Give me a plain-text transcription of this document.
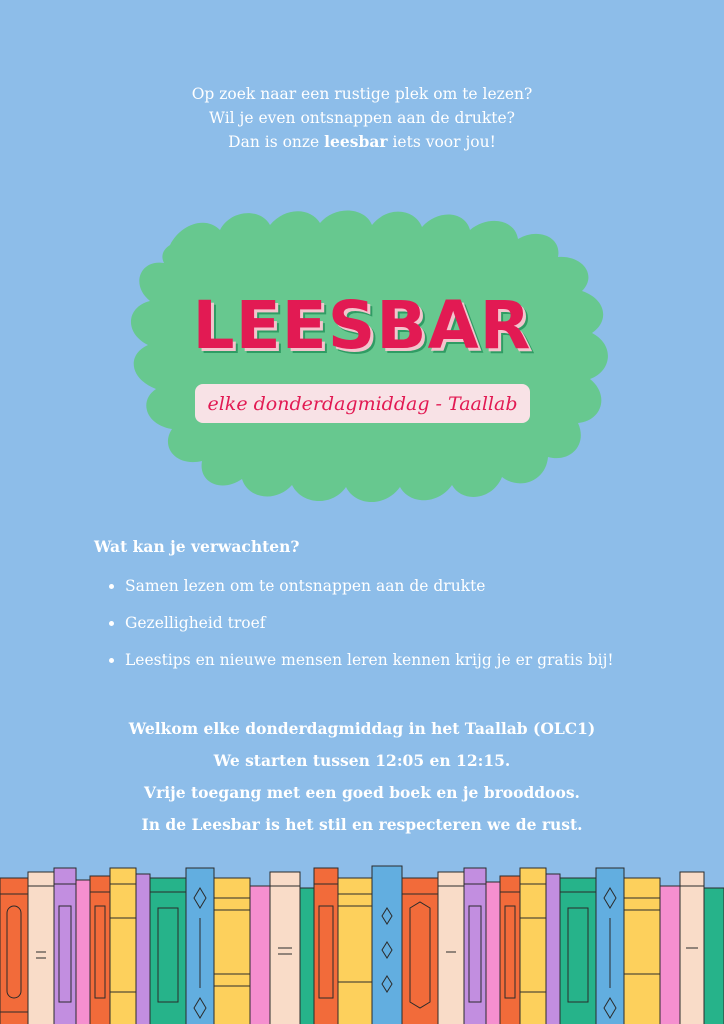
Op zoek naar een rustige plek om te lezen?
Wil je even ontsnappen aan de drukte?
Dan is onze leesbar iets voor jou!
LEESBAR
elke donderdagmiddag - Taallab
Wat kan je verwachten?
• Samen lezen om te ontsnappen aan de drukte
• Gezelligheid troef
• Leestips en nieuwe mensen leren kennen krijg je er gratis bij!
Welkom elke donderdagmiddag in het Taallab (OLC1)
We starten tussen 12:05 en 12:15.
Vrije toegang met een goed boek en je brooddoos.
In de Leesbar is het stil en respecteren we de rust.
